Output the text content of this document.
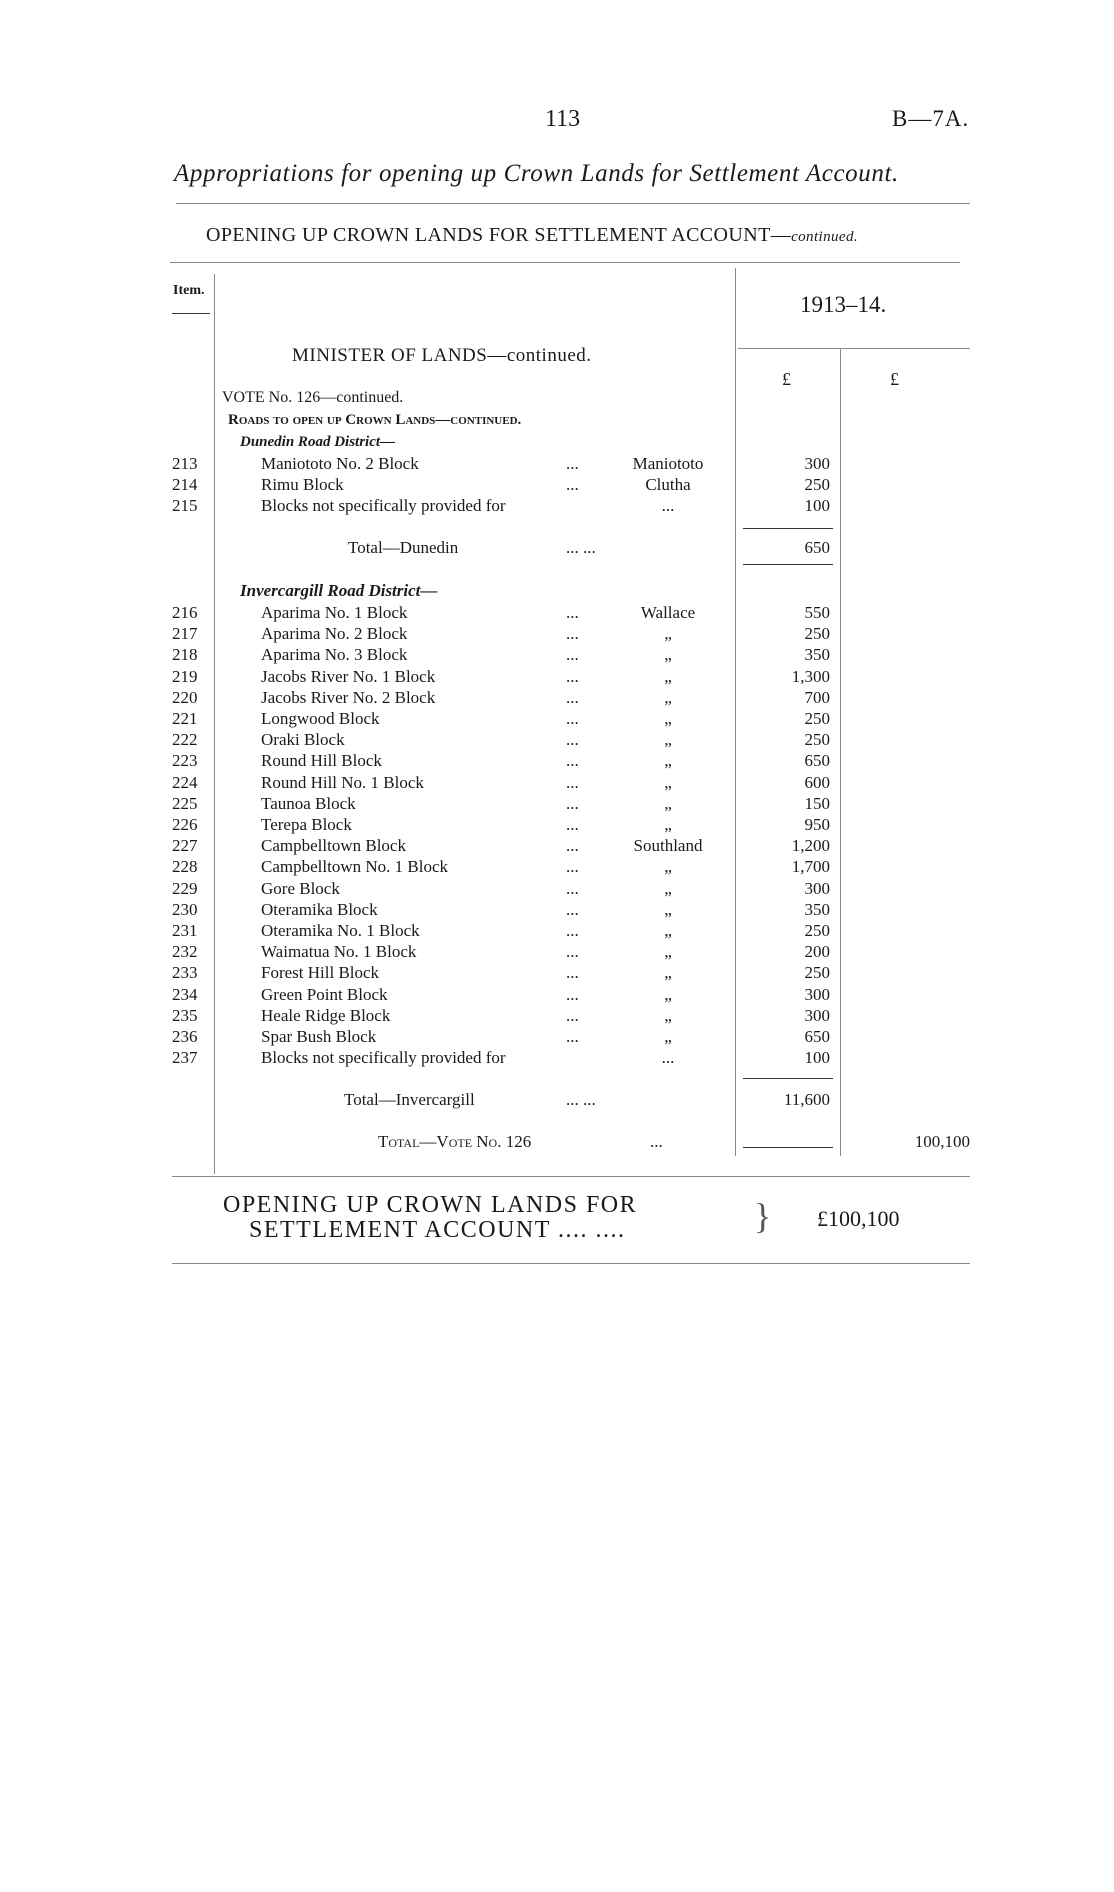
113	B—7A.
Appropriations for opening up Crown Lands for Settlement Account.
OPENING UP CROWN LANDS FOR SETTLEMENT ACCOUNT—continued.
Item.
1913–14.
MINISTER OF LANDS—continued.
£	£
VOTE No. 126—continued.
Roads to open up Crown Lands—continued.
Dunedin Road District—
213	Maniototo No. 2 Block	...	Maniototo	300
214	Rimu Block	...	Clutha	250
215	Blocks not specifically provided for	...	100
Total—Dunedin	... ...	650
Invercargill Road District—
216	Aparima No. 1 Block	...	Wallace	550
217	Aparima No. 2 Block	...	„	250
218	Aparima No. 3 Block	...	„	350
219	Jacobs River No. 1 Block	...	„	1,300
220	Jacobs River No. 2 Block	...	„	700
221	Longwood Block	...	„	250
222	Oraki Block	...	„	250
223	Round Hill Block	...	„	650
224	Round Hill No. 1 Block	...	„	600
225	Taunoa Block	...	„	150
226	Terepa Block	...	„	950
227	Campbelltown Block	...	Southland	1,200
228	Campbelltown No. 1 Block	...	„	1,700
229	Gore Block	...	„	300
230	Oteramika Block	...	„	350
231	Oteramika No. 1 Block	...	„	250
232	Waimatua No. 1 Block	...	„	200
233	Forest Hill Block	...	„	250
234	Green Point Block	...	„	300
235	Heale Ridge Block	...	„	300
236	Spar Bush Block	...	„	650
237	Blocks not specifically provided for	...	100
Total—Invercargill	... ...	11,600
Total—Vote No. 126	...	100,100
OPENING UP CROWN LANDS FOR
SETTLEMENT ACCOUNT .... ....	} £100,100
